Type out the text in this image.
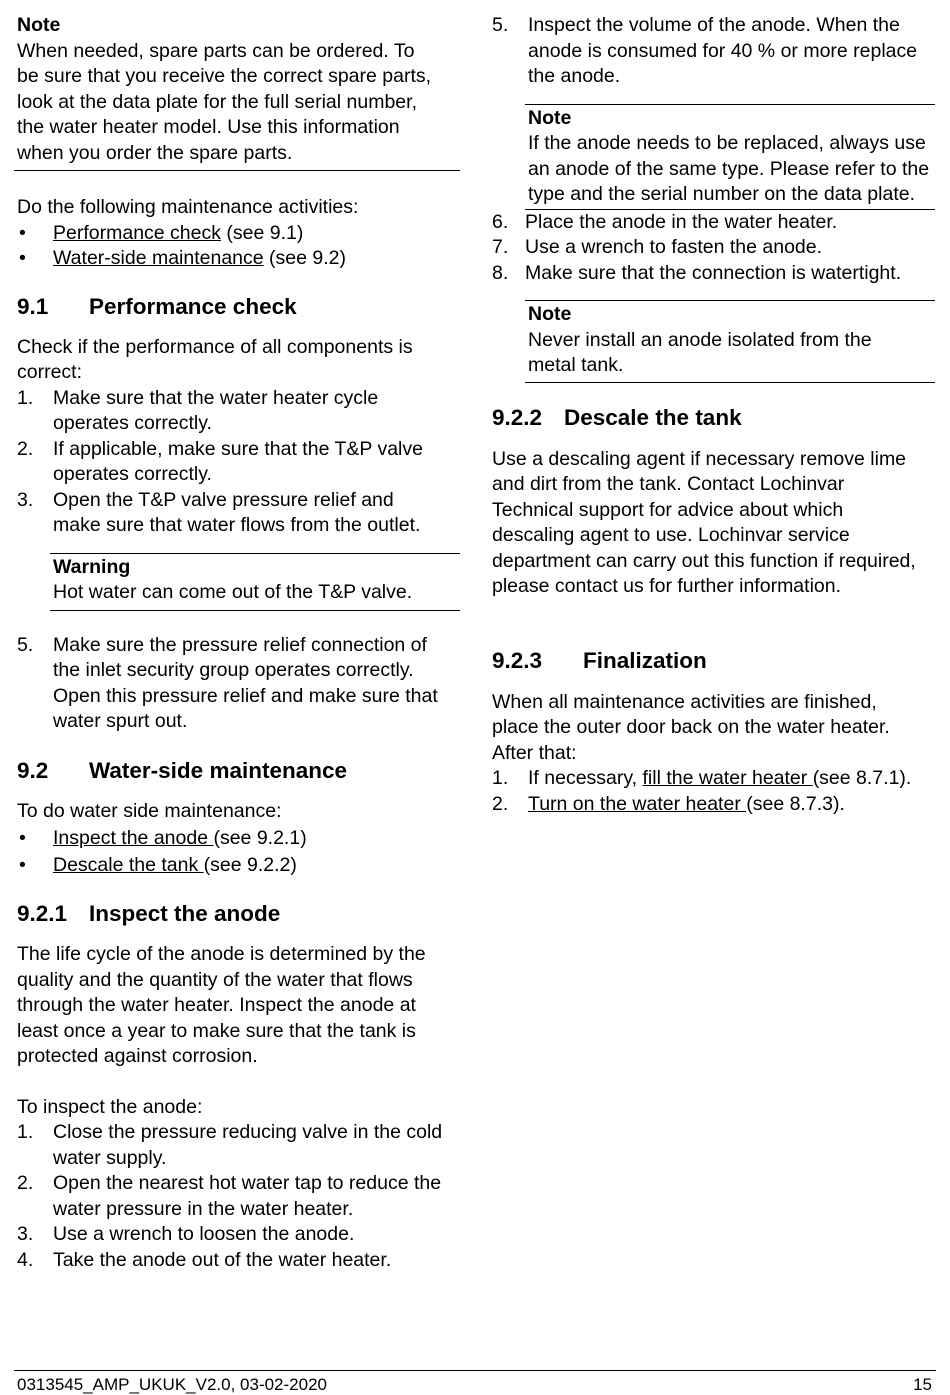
Note
When needed, spare parts can be ordered. To
be sure that you receive the correct spare parts,
look at the data plate for the full serial number,
the water heater model. Use this information
when you order the spare parts.
Do the following maintenance activities:
• Performance check (see 9.1)
• Water-side maintenance (see 9.2)
9.1 Performance check
Check if the performance of all components is
correct:
1. Make sure that the water heater cycle
operates correctly.
2. If applicable, make sure that the T&P valve
operates correctly.
3. Open the T&P valve pressure relief and
make sure that water flows from the outlet.
Warning
Hot water can come out of the T&P valve.
5. Make sure the pressure relief connection of
the inlet security group operates correctly.
Open this pressure relief and make sure that
water spurt out.
9.2 Water-side maintenance
To do water side maintenance:
• Inspect the anode (see 9.2.1)
• Descale the tank (see 9.2.2)
9.2.1 Inspect the anode
The life cycle of the anode is determined by the
quality and the quantity of the water that flows
through the water heater. Inspect the anode at
least once a year to make sure that the tank is
protected against corrosion.
To inspect the anode:
1. Close the pressure reducing valve in the cold
water supply.
2. Open the nearest hot water tap to reduce the
water pressure in the water heater.
3. Use a wrench to loosen the anode.
4. Take the anode out of the water heater.
5. Inspect the volume of the anode. When the
anode is consumed for 40 % or more replace
the anode.
Note
If the anode needs to be replaced, always use
an anode of the same type. Please refer to the
type and the serial number on the data plate.
6. Place the anode in the water heater.
7. Use a wrench to fasten the anode.
8. Make sure that the connection is watertight.
Note
Never install an anode isolated from the
metal tank.
9.2.2 Descale the tank
Use a descaling agent if necessary remove lime
and dirt from the tank. Contact Lochinvar
Technical support for advice about which
descaling agent to use. Lochinvar service
department can carry out this function if required,
please contact us for further information.
9.2.3 Finalization
When all maintenance activities are finished,
place the outer door back on the water heater.
After that:
1. If necessary, fill the water heater (see 8.7.1).
2. Turn on the water heater (see 8.7.3).
0313545_AMP_UKUK_V2.0, 03-02-2020	15
